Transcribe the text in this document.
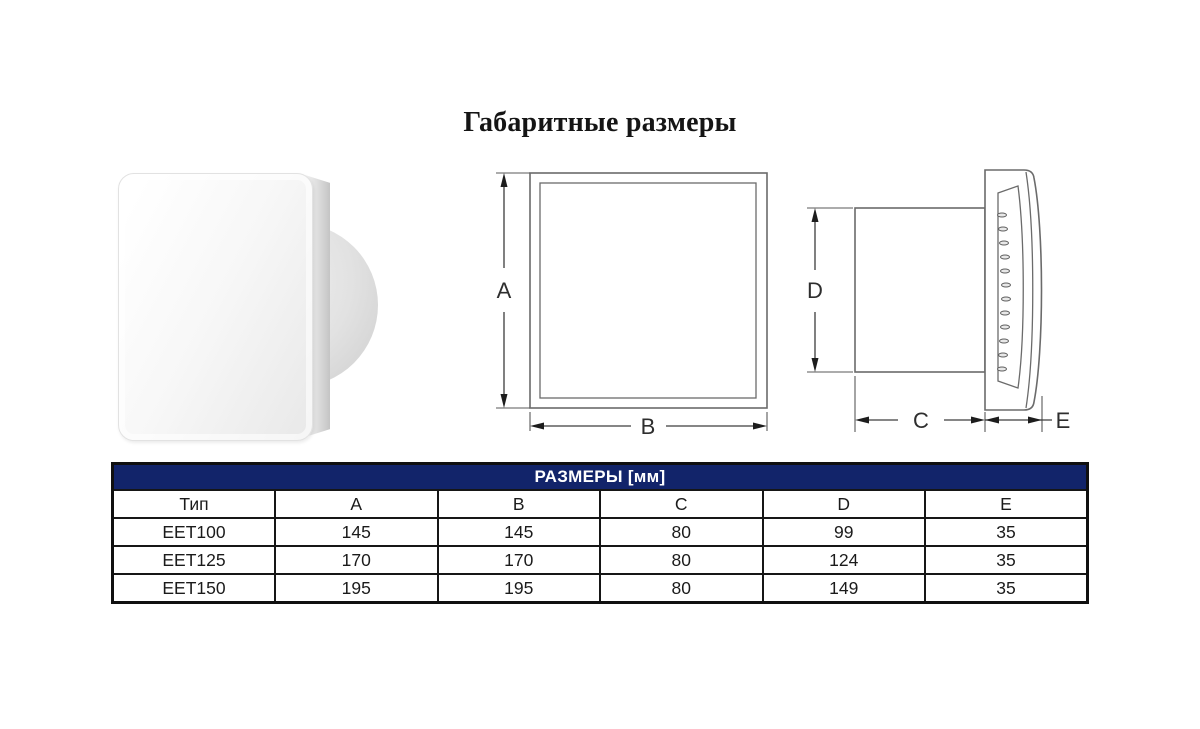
Габаритные размеры
A
B
D
C	E
РАЗМЕРЫ [мм]					
Тип	A	B	C	D	E
EET100	145	145	80	99	35
EET125	170	170	80	124	35
EET150	195	195	80	149	35
